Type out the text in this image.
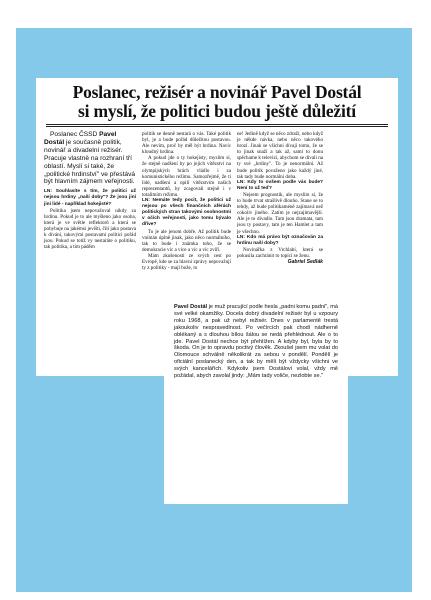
Poslanec, režisér a novinář Pavel Dostál
si myslí, že politici budou ještě důležití

Poslanec ČSSD Pavel Dostál je současně politik, novinář a divadelní režisér. Pracuje vlastně na rozhraní tří oblastí. Myslí si také, že „politické hrdinství" ve přestává být hlavním zájmem veřejnosti.

LN: Souhlasíte s tím, že politici už nejsou hrdiny „naší doby"? Že jsou jiní jiní lidé - například hokejisté?

Politika jsem nepovažoval nikdy za hrdinu. Pokud je to ale myšleno jako osoba, která je ve světle reflektorů a která se pohybuje na jakémsi jevišti, čili jako postava k dívání, takovými postavami politici pořád jsou. Pokud se totiž vy nestaráte o politiku, tak politika, a tím páděm

politik se denně nestará o vás. Také politik byl, je a bude pořád důležitou postavou. Ale nevím, proč by měl být hrdina. Navíc kloudný hrdina.

A pokud jde o ty hokejisty, myslím si, že stejně nadšení by po jejich vítězství na olympijských hrách vládlo i za komunistického režimu. Samozřejmě, že ti lidé, nadšení a opilí vítězstvím našich reprezentantů, by zcagovali stejně i v totalitním režimu.

LN: Nemáte tedy pocit, že politici už nejsou po všech finančních aférách politických stran takovými osobnostmi v očích veřejnosti, jako tomu bývalo dříve?

To je ale jenom dobře. Až politik bude vnímán úplně jinak, jako něco normálního, tak to bude i známka toho, že se demokracie víc a více a víc a víc zvíří.

Mám zkušenosti ze svých cest po Evropě, kde se za hlavní zprávy nepovažují ty z politiky - mají bože, to

ne! Jedině když se něco zdraží, nebo když je někde návka, nebo něco takového hrozí. Jinak se všichni dívají tomu, že se to jinak snaží a tak až, sami to donu spěchame k televizi, abychom se dívali na ty své „hrdiny". To je nenormální. Až bude politik považeno jako každý jiné, tak tady bude normální doba.

LN: Kdy to ovšem podle vás bude? Není to už teď?

Nejsem prognostik, ale myslím si, že to bude trvat strašlivě dlouho. Stane se to tehdy, až bude politikaméně zajímavá než cokoliv jiného. Zatím je nejzajímavější. Ale je to divadlo. Tam jsou dramata, tam jsou ty postavy, tam je ten Hamlet a tam je všechno.

LN: Kdo má právo být označován za hrdinu naší doby?

Novinářka z Vrchlabí, která se pokusila zachránit to topící se ženu.
Gabriel Sedlák

Pavel Dostál je muž pracující podle hesla „padni komu padni", má své velké okamžiky. Docela dobrý divadelní režisér byl u vzpoury roku 1968, a pak už nebyl režisér. Dnes v parlamentě trestá jakoukoliv nespravedlnost. Po večírcích pak chodí nádherně oblékaný a s dlouhou bílou šálou se nedá přehlédnout. Ale o to jde. Pavel Dostál nechce být přehlížen. A kdyby byl, byla by to škoda. On je to opravdu poctivý člověk. Zkoušel jsem mu volat do Olomouce schválně několikrát za sebou v pondělí. Pondělí je oficiální poslanecký den, a tak by měli být vždycky všichni ve svých kancelářích. Kdykoliv jsem Dostálovi volal, vždy mě požádal, abych zavolal jindy: „Mám tady voliče, nezlobte se."
